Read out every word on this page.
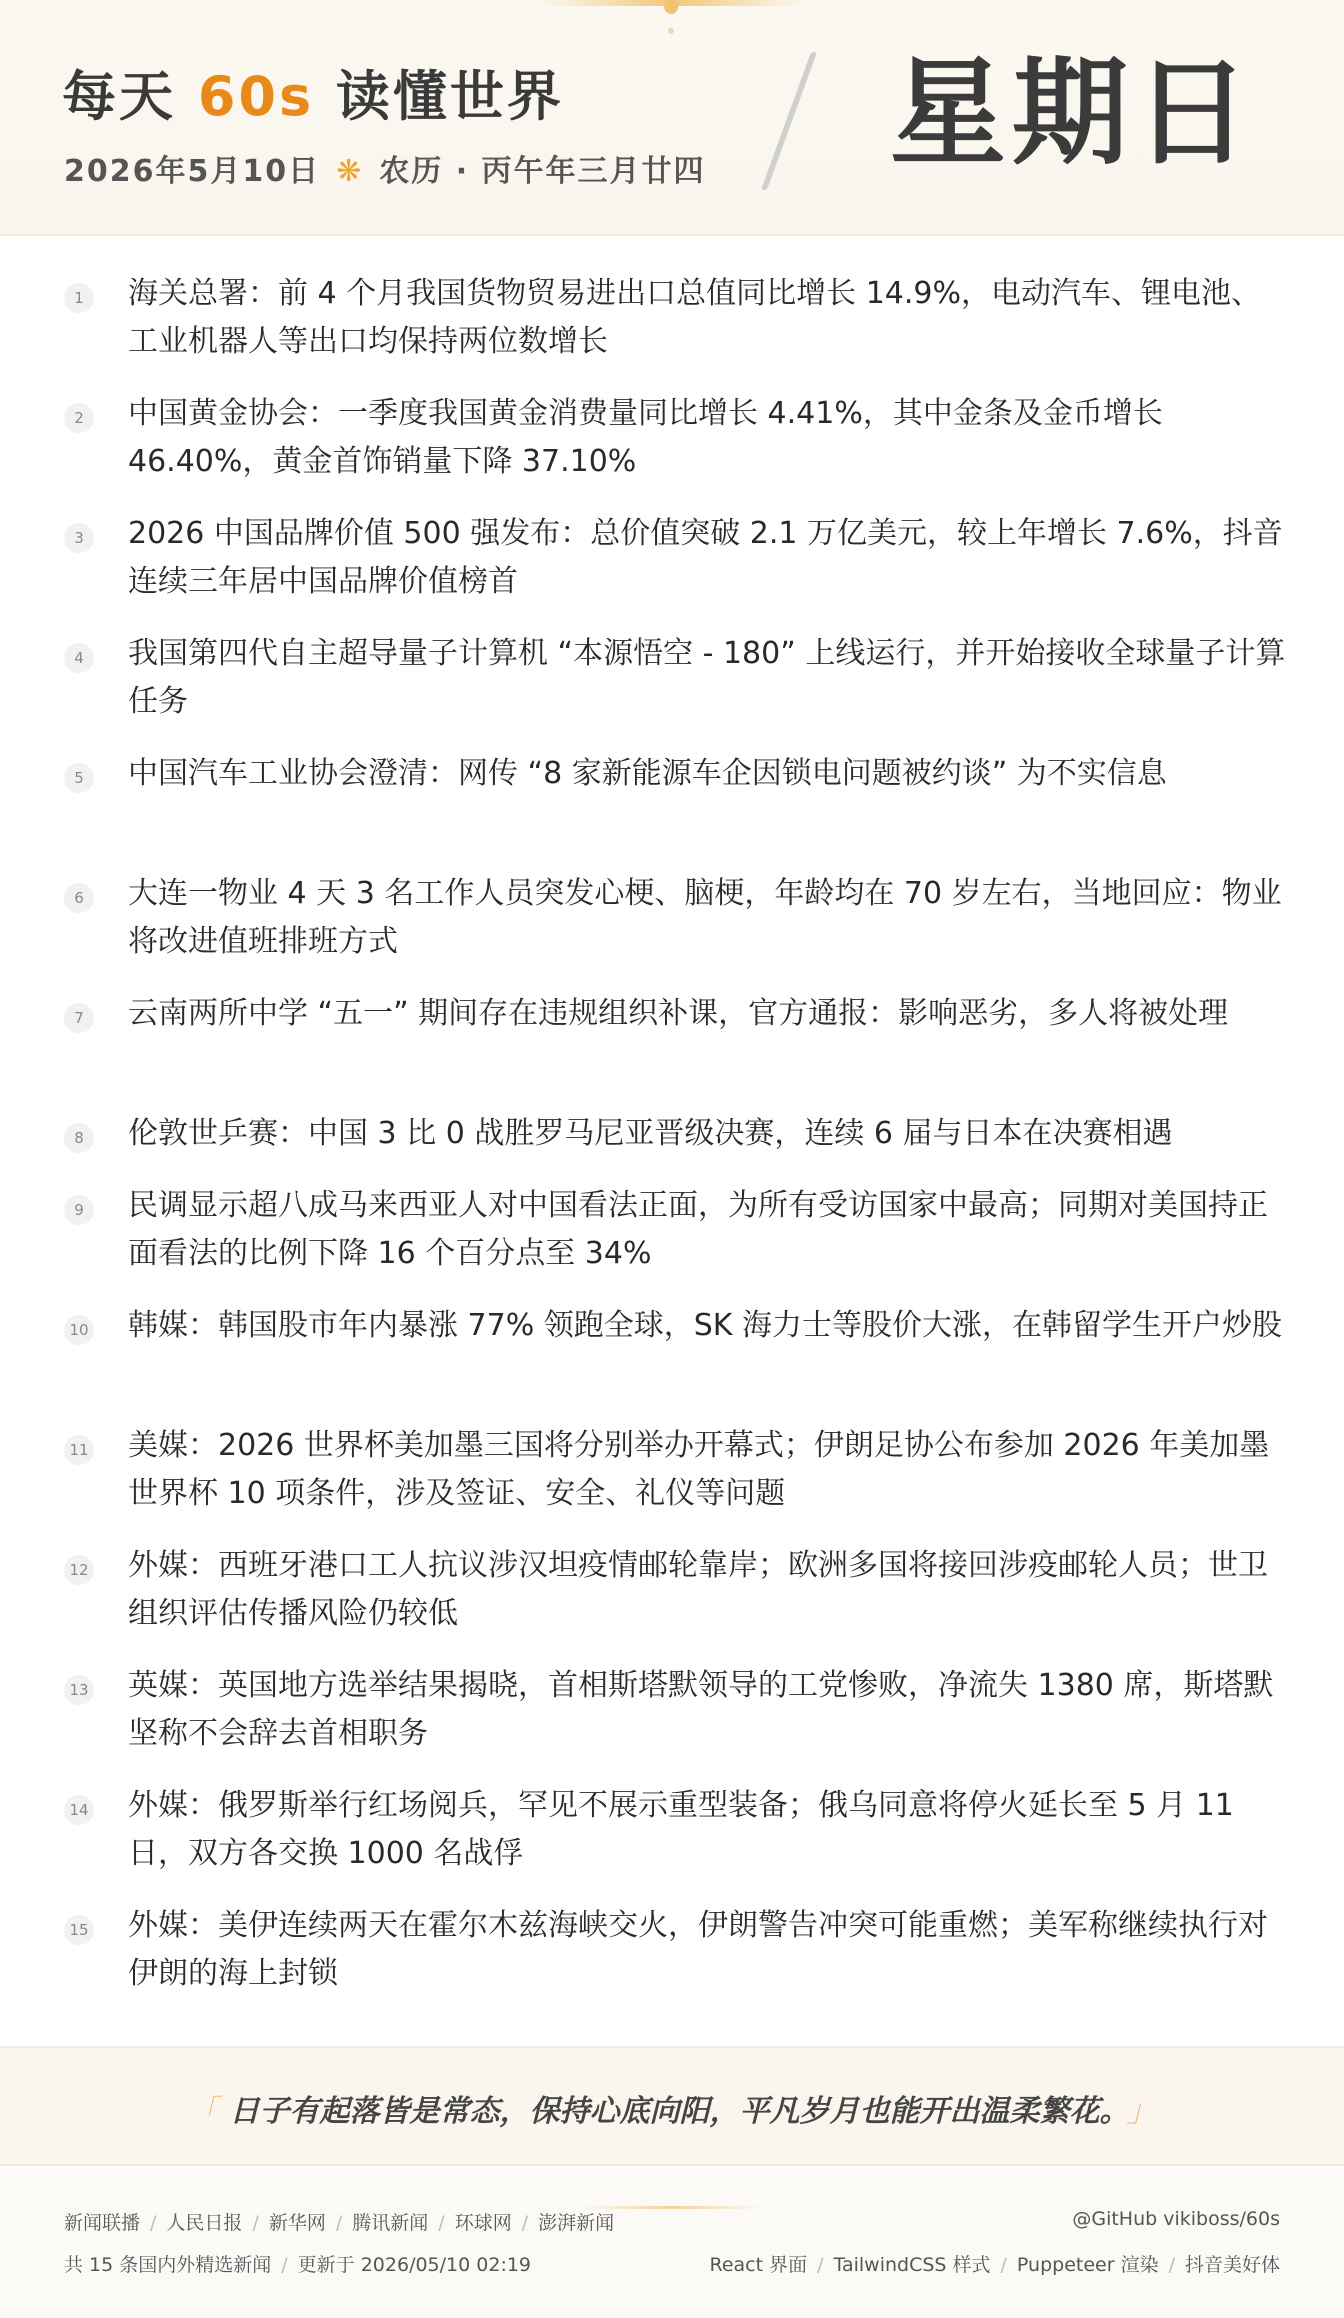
每天 60s 读懂世界
2026年5月10日 ❋ 农历 · 丙午年三月廿四 星期日
1	海关总署：前 4 个月我国货物贸易进出口总值同比增长 14.9%，电动汽车、锂电池、工业机器人等出口均保持两位数增长
2	中国黄金协会：一季度我国黄金消费量同比增长 4.41%，其中金条及金币增长 46.40%，黄金首饰销量下降 37.10%
3	2026 中国品牌价值 500 强发布：总价值突破 2.1 万亿美元，较上年增长 7.6%，抖音连续三年居中国品牌价值榜首
4	我国第四代自主超导量子计算机 “本源悟空 - 180” 上线运行，并开始接收全球量子计算任务
5	中国汽车工业协会澄清：网传 “8 家新能源车企因锁电问题被约谈” 为不实信息
6	大连一物业 4 天 3 名工作人员突发心梗、脑梗，年龄均在 70 岁左右，当地回应：物业将改进值班排班方式
7	云南两所中学 “五一” 期间存在违规组织补课，官方通报：影响恶劣，多人将被处理
8	伦敦世乒赛：中国 3 比 0 战胜罗马尼亚晋级决赛，连续 6 届与日本在决赛相遇
9	民调显示超八成马来西亚人对中国看法正面，为所有受访国家中最高；同期对美国持正面看法的比例下降 16 个百分点至 34%
10 韩媒：韩国股市年内暴涨 77% 领跑全球，SK 海力士等股价大涨，在韩留学生开户炒股
11 美媒：2026 世界杯美加墨三国将分别举办开幕式；伊朗足协公布参加 2026 年美加墨世界杯 10 项条件，涉及签证、安全、礼仪等问题
12 外媒：西班牙港口工人抗议涉汉坦疫情邮轮靠岸；欧洲多国将接回涉疫邮轮人员；世卫组织评估传播风险仍较低
13 英媒：英国地方选举结果揭晓，首相斯塔默领导的工党惨败，净流失 1380 席，斯塔默坚称不会辞去首相职务
14 外媒：俄罗斯举行红场阅兵，罕见不展示重型装备；俄乌同意将停火延长至 5 月 11 日，双方各交换 1000 名战俘
15 外媒：美伊连续两天在霍尔木兹海峡交火，伊朗警告冲突可能重燃；美军称继续执行对伊朗的海上封锁
「 日子有起落皆是常态，保持心底向阳，平凡岁月也能开出温柔繁花。 」
新闻联播 / 人民日报 / 新华网 / 腾讯新闻 / 环球网 / 澎湃新闻
共 15 条国内外精选新闻 / 更新于 2026/05/10 02:19
@GitHub vikiboss/60s
React 界面 / TailwindCSS 样式 / Puppeteer 渲染 / 抖音美好体
